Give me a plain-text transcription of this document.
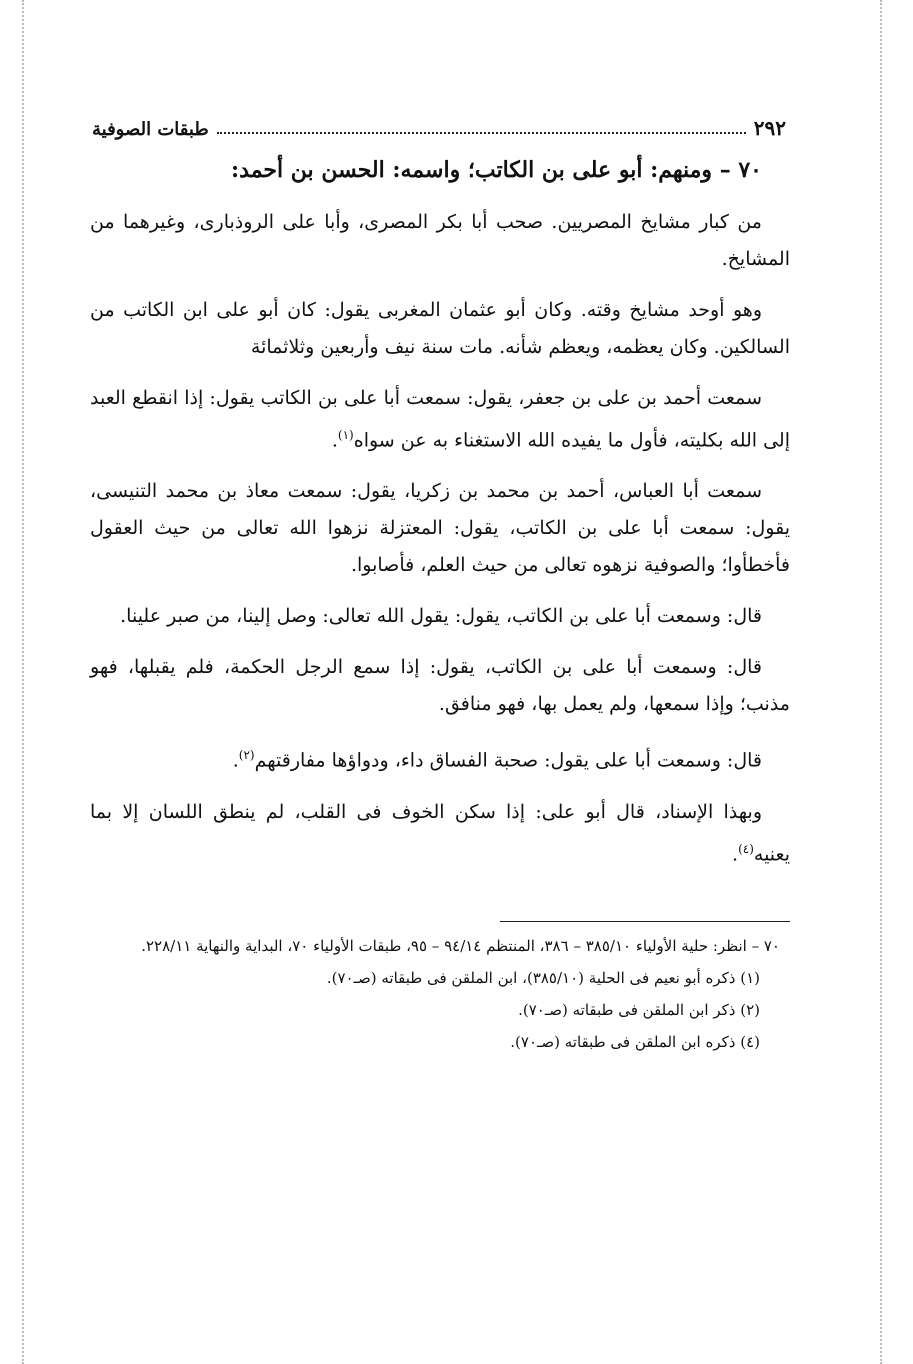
٢٩٢
طبقات الصوفية
٧٠ – ومنهم: أبو على بن الكاتب؛ واسمه: الحسن بن أحمد:

من كبار مشايخ المصريين. صحب أبا بكر المصرى، وأبا على الروذبارى، وغيرهما من المشايخ.

وهو أوحد مشايخ وقته. وكان أبو عثمان المغربى يقول: كان أبو على ابن الكاتب من السالكين. وكان يعظمه، ويعظم شأنه. مات سنة نيف وأربعين وثلاثمائة

سمعت أحمد بن على بن جعفر، يقول: سمعت أبا على بن الكاتب يقول: إذا انقطع العبد إلى الله بكليته، فأول ما يفيده الله الاستغناء به عن سواه$^{(١)}$.

سمعت أبا العباس، أحمد بن محمد بن زكريا، يقول: سمعت معاذ بن محمد التنيسى، يقول: سمعت أبا على بن الكاتب، يقول: المعتزلة نزهوا الله تعالى من حيث العقول فأخطأوا؛ والصوفية نزهوه تعالى من حيث العلم، فأصابوا.

قال: وسمعت أبا على بن الكاتب، يقول: يقول الله تعالى: وصل إلينا، من صبر علينا.

قال: وسمعت أبا على بن الكاتب، يقول: إذا سمع الرجل الحكمة، فلم يقبلها، فهو مذنب؛ وإذا سمعها، ولم يعمل بها، فهو منافق.

قال: وسمعت أبا على يقول: صحبة الفساق داء، ودواؤها مفارقتهم$^{(٢)}$.

وبهذا الإسناد، قال أبو على: إذا سكن الخوف فى القلب، لم ينطق اللسان إلا بما يعنيه$^{(٤)}$.

٧٠ – انظر: حلية الأولياء ٣٨٥/١٠ – ٣٨٦، المنتظم ٩٤/١٤ – ٩٥، طبقات الأولياء ٧٠، البداية والنهاية ٢٢٨/١١.
(١) ذكره أبو نعيم فى الحلية (٣٨٥/١٠)، ابن الملقن فى طبقاته (صـ٧٠).
(٢) ذكر ابن الملقن فى طبقاته (صـ٧٠).
(٤) ذكره ابن الملقن فى طبقاته (صـ٧٠).
